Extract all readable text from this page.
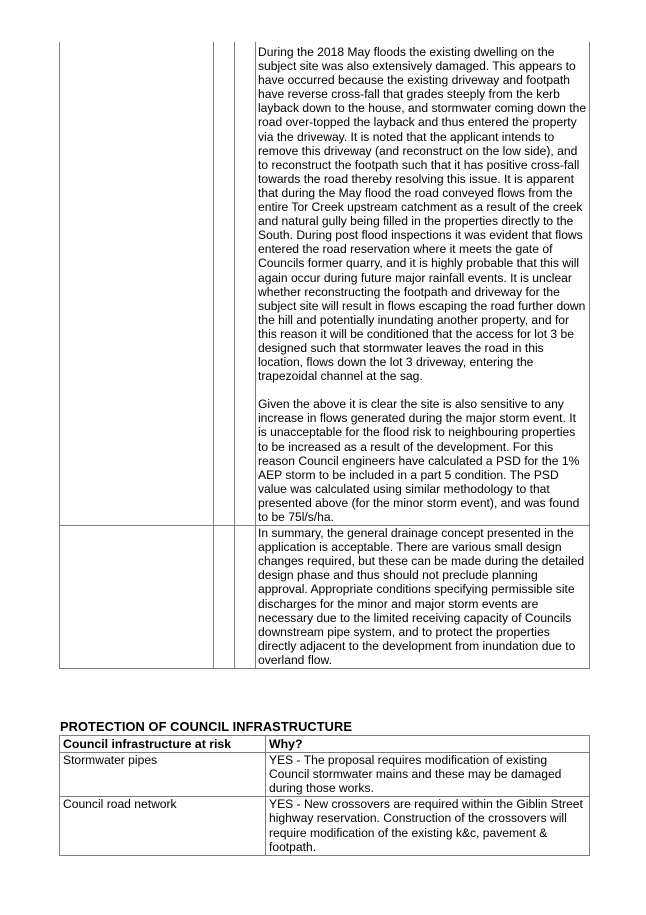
			During the 2018 May floods the existing dwelling on the subject site was also extensively damaged. This appears to have occurred because the existing driveway and footpath have reverse cross-fall that grades steeply from the kerb layback down to the house, and stormwater coming down the road over-topped the layback and thus entered the property via the driveway. It is noted that the applicant intends to remove this driveway (and reconstruct on the low side), and to reconstruct the footpath such that it has positive cross-fall towards the road thereby resolving this issue. It is apparent that during the May flood the road conveyed flows from the entire Tor Creek upstream catchment as a result of the creek and natural gully being filled in the properties directly to the South. During post flood inspections it was evident that flows entered the road reservation where it meets the gate of Councils former quarry, and it is highly probable that this will again occur during future major rainfall events. It is unclear whether reconstructing the footpath and driveway for the subject site will result in flows escaping the road further down the hill and potentially inundating another property, and for this reason it will be conditioned that the access for lot 3 be designed such that stormwater leaves the road in this location, flows down the lot 3 driveway, entering the trapezoidal channel at the sag.

Given the above it is clear the site is also sensitive to any increase in flows generated during the major storm event. It is unacceptable for the flood risk to neighbouring properties to be increased as a result of the development. For this reason Council engineers have calculated a PSD for the 1% AEP storm to be included in a part 5 condition. The PSD value was calculated using similar methodology to that presented above (for the minor storm event), and was found to be 75l/s/ha.

			In summary, the general drainage concept presented in the application is acceptable. There are various small design changes required, but these can be made during the detailed design phase and thus should not preclude planning approval. Appropriate conditions specifying permissible site discharges for the minor and major storm events are necessary due to the limited receiving capacity of Councils downstream pipe system, and to protect the properties directly adjacent to the development from inundation due to overland flow.

PROTECTION OF COUNCIL INFRASTRUCTURE
Council infrastructure at risk	Why?
Stormwater pipes	YES - The proposal requires modification of existing Council stormwater mains and these may be damaged during those works.
Council road network	YES - New crossovers are required within the Giblin Street highway reservation. Construction of the crossovers will require modification of the existing k&c, pavement & footpath.
